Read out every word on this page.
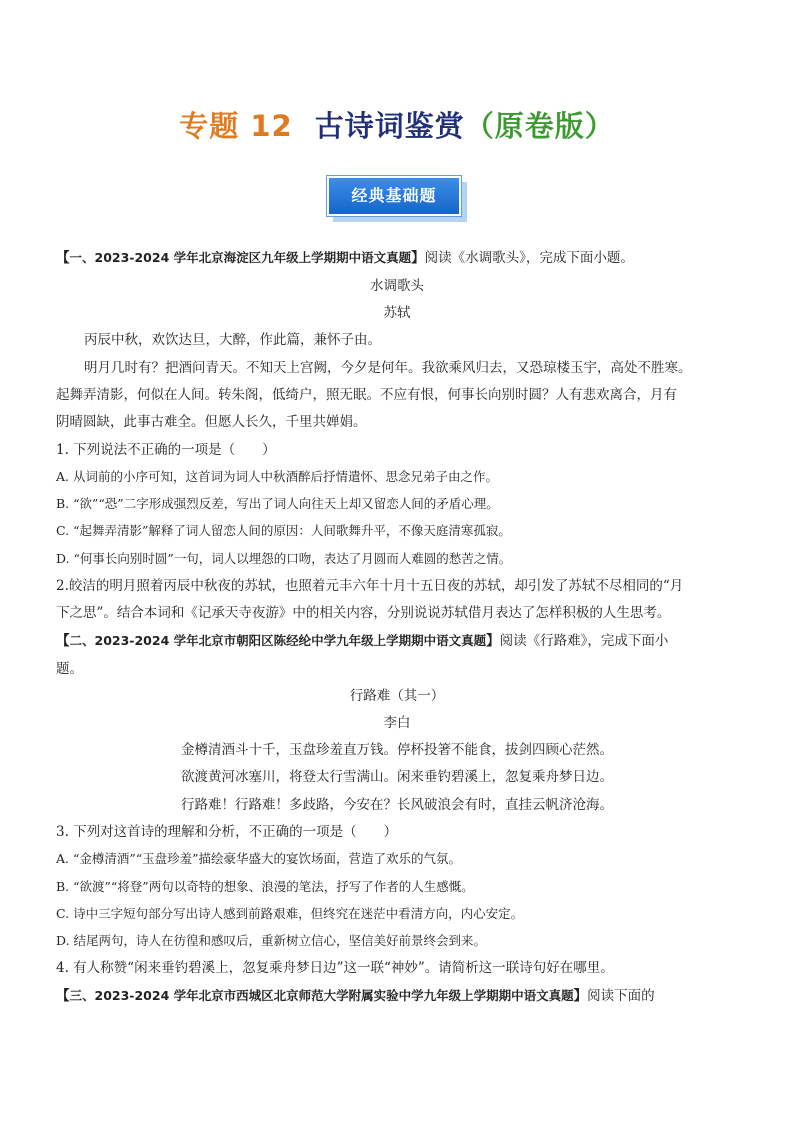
专题 12 古诗词鉴赏（原卷版）
经典基础题
【一、2023-2024 学年北京海淀区九年级上学期期中语文真题】阅读《水调歌头》，完成下面小题。
水调歌头
苏轼
丙辰中秋，欢饮达旦，大醉，作此篇，兼怀子由。
明月几时有？把酒问青天。不知天上宫阙，今夕是何年。我欲乘风归去，又恐琼楼玉宇，高处不胜寒。
起舞弄清影，何似在人间。转朱阁，低绮户，照无眠。不应有恨，何事长向别时圆？人有悲欢离合，月有
阴晴圆缺，此事古难全。但愿人长久，千里共婵娟。
1. 下列说法不正确的一项是（　　）
A. 从词前的小序可知，这首词为词人中秋酒醉后抒情遣怀、思念兄弟子由之作。
B. “欲”“恐”二字形成强烈反差，写出了词人向往天上却又留恋人间的矛盾心理。
C. “起舞弄清影”解释了词人留恋人间的原因：人间歌舞升平，不像天庭清寒孤寂。
D. “何事长向别时圆”一句，词人以埋怨的口吻，表达了月圆而人难圆的愁苦之情。
2.皎洁的明月照着丙辰中秋夜的苏轼，也照着元丰六年十月十五日夜的苏轼，却引发了苏轼不尽相同的“月
下之思”。结合本词和《记承天寺夜游》中的相关内容，分别说说苏轼借月表达了怎样积极的人生思考。
【二、2023-2024 学年北京市朝阳区陈经纶中学九年级上学期期中语文真题】阅读《行路难》，完成下面小
题。
行路难（其一）
李白
金樽清酒斗十千，玉盘珍羞直万钱。停杯投箸不能食，拔剑四顾心茫然。
欲渡黄河冰塞川，将登太行雪满山。闲来垂钓碧溪上，忽复乘舟梦日边。
行路难！行路难！多歧路，今安在？长风破浪会有时，直挂云帆济沧海。
3. 下列对这首诗的理解和分析，不正确的一项是（　　）
A. “金樽清酒”“玉盘珍羞”描绘豪华盛大的宴饮场面，营造了欢乐的气氛。
B. “欲渡”“将登”两句以奇特的想象、浪漫的笔法，抒写了作者的人生感慨。
C. 诗中三字短句部分写出诗人感到前路艰难，但终究在迷茫中看清方向，内心安定。
D. 结尾两句，诗人在彷徨和感叹后，重新树立信心，坚信美好前景终会到来。
4. 有人称赞“闲来垂钓碧溪上，忽复乘舟梦日边”这一联“神妙”。请简析这一联诗句好在哪里。
【三、2023-2024 学年北京市西城区北京师范大学附属实验中学九年级上学期期中语文真题】阅读下面的
